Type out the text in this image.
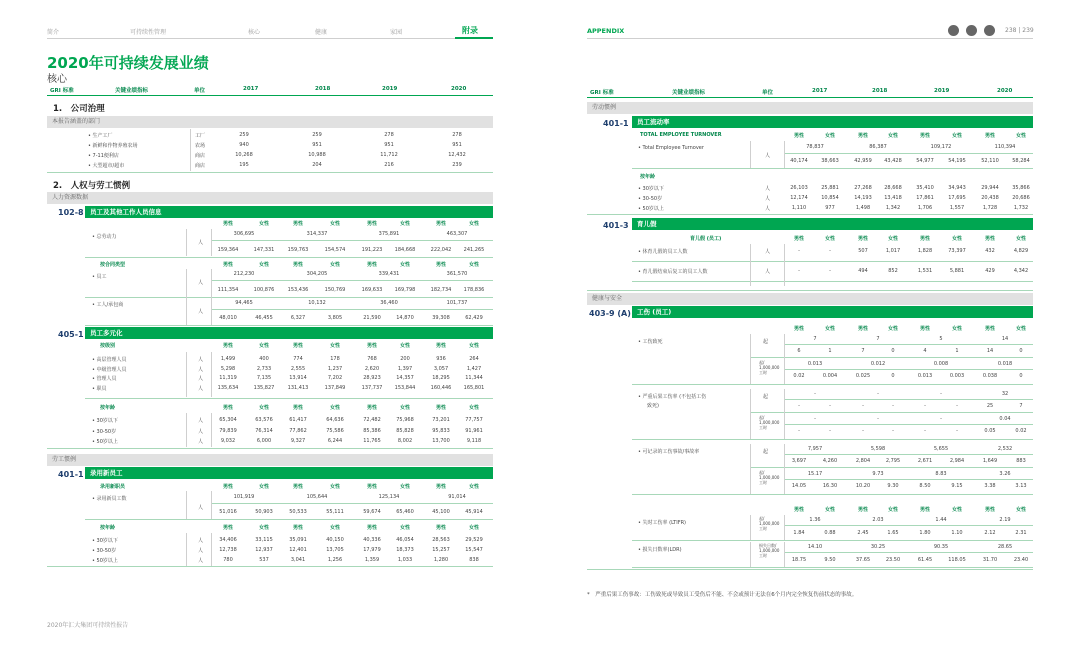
简介	可持续性管理	核心	健康	家园	附录	APPENDIX	238 | 239
2020年可持续发展业绩
核心
2020年汇大集团可持续性报告
GRI 标准	关键业绩指标	单位	2017	2018	2019	2020
1.　公司治理
本报告涵盖的部门
• 生产工厂	工厂	259	259	278	278
• 新鲜和作物养殖农场	农场	940	951	951	951
• 7-11便利店	商店	10,268	10,988	11,712	12,432
• 大型超市/超市	商店	195	204	216	239
2.　人权与劳工惯例
人力资源数据
102-8 员工及其他工作人员信息
男性	女性	男性	女性	男性	女性	男性	女性
• 总劳动力
人
306,695	314,337	375,891	463,307
159,364	147,331	159,763	154,574	191,223	184,668	222,042	241,265
按合同类型	男性	女性	男性	女性	男性	女性	男性	女性
• 员工
人
212,230	304,205	339,431	361,570
111,354	100,876	153,436	150,769	169,633	169,798	182,734	178,836
• 工人/承包商
人
94,465	10,132	36,460	101,737
48,010	46,455	6,327	3,805	21,590	14,870	39,308	62,429
405-1 员工多元化
按级别	男性	女性	男性	女性	男性	女性	男性	女性
• 高层管理人员	人	1,499	400	774	178	768	200	936	264
• 中级管理人员	人	5,298	2,733	2,555	1,237	2,620	1,397	3,057	1,427
• 管理人员	人	11,319	7,135	13,914	7,202	28,923	14,357	18,295	11,344
• 职员	人	135,634	135,827	131,413	137,849	137,737	153,844	160,446	165,801
按年龄	男性	女性	男性	女性	男性	女性	男性	女性
• 30岁以下	人	65,304	63,576	61,417	64,636	72,482	75,968	73,201	77,757
• 30-50岁	人	79,839	76,314	77,862	75,586	85,386	85,828	95,833	91,961
• 50岁以上	人	9,032	6,000	9,327	6,244	11,765	8,002	13,700	9,118
劳工惯例
401-1 录用新员工
录用新职员	男性	女性	男性	女性	男性	女性	男性	女性
• 录用新员工数
人
101,919	105,644	125,134	91,014
51,016	50,903	50,533	55,111	59,674	65,460	45,100	45,914
按年龄	男性	女性	男性	女性	男性	女性	男性	女性
• 30岁以下	人	34,406	33,115	35,091	40,150	40,336	46,054	28,563	29,529
• 30-50岁	人	12,738	12,937	12,401	13,705	17,979	18,373	15,257	15,547
• 50岁以上	人	780	537	3,041	1,256	1,359	1,033	1,280	838
GRI 标准	关键业绩指标	单位	2017	2018	2019	2020
劳动惯例
401-1	员工流动率
TOTAL EMPLOYEE TURNOVER	男性	女性	男性	女性	男性	女性	男性	女性
• Total Employee Turnover
人
78,837	86,387	109,172	110,394
40,174	38,663	42,959	43,428	54,977	54,195	52,110	58,284
按年龄
• 30岁以下	人	26,103	25,881	27,268	28,668	35,410	34,943	29,944	35,866
• 30-50岁	人	12,174	10,854	14,193	13,418	17,861	17,695	20,438	20,686
• 50岁以上	人	1,110	977	1,498	1,342	1,706	1,557	1,728	1,732
401-3	育儿假
育儿假 (员工)	男性	女性	男性	女性	男性	女性	男性	女性
• 休育儿假的员工人数	人	-	-	507	1,017	1,828	73,397	432	4,829
• 育儿假结束后复工的员工人数	人	-	-	494	852	1,531	5,881	429	4,342
健康与安全
403-9 (A) 工伤 (员工)
男性	女性	男性	女性	男性	女性	男性	女性
• 工伤致死	起	7	7	5	14
6	1	7	0	4	1	14	0
起/
1,000,000
工时
0.013	0.012	0.008	0.018
0.02	0.004	0.025	0	0.013	0.003	0.038	0
• 严重后果工伤率 (不包括工伤
致死)
起	-	-	-	32
-	-	-	-	-	-	25	7
起/
1,000,000
工时
-	-	-	0.04
-	-	-	-	-	-	0.05	0.02
• 可记录的工伤事故/事故率	起	7,957	5,598	5,655	2,532
3,697	4,260	2,804	2,795	2,671	2,984	1,649	883
起/
1,000,000
工时
15.17	9.73	8.83	3.26
14.05	16.30	10.20	9.30	8.50	9.15	3.38	3.13
男性	女性	男性	女性	男性	女性	男性	女性
• 失时工伤率 (LTIFR)
起/
1,000,000
工时
1.36	2.03	1.44	2.19
1.84	0.88	2.45	1.65	1.80	1.10	2.12	2.31
• 损失日数率(LDR)
损失日数/
1,000,000
工时
14.10	30.25	90.35	28.65
18.75	9.50	37.65	23.50	61.45	118.05	31.70	23.40
*　严重后果工伤事故：工伤致死或导致员工受伤后不能、不会或预计无法在6个月内完全恢复伤前状态的事故。
